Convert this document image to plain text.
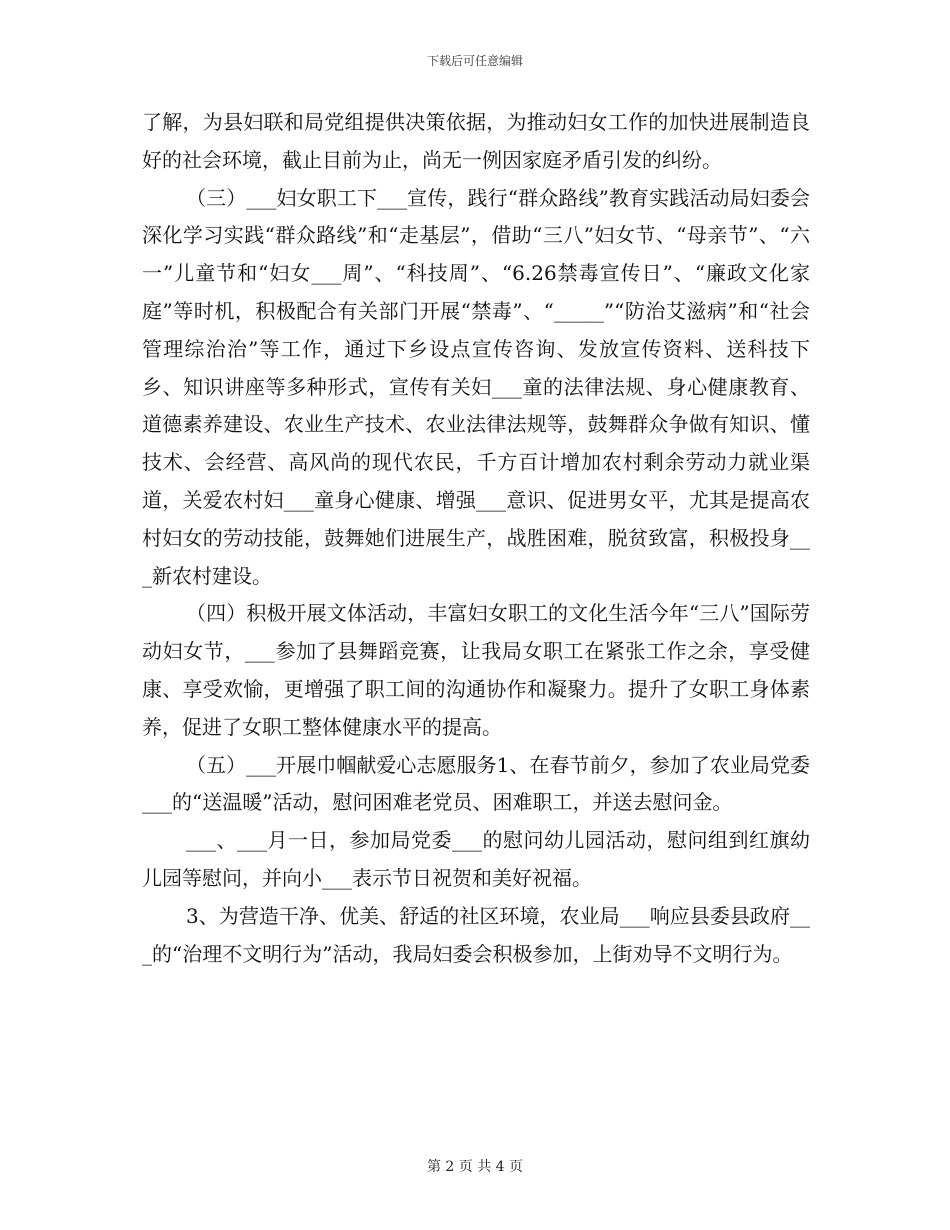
下载后可任意编辑

了解，为县妇联和局党组提供决策依据，为推动妇女工作的加快进展制造良好的社会环境，截止目前为止，尚无一例因家庭矛盾引发的纠纷。

（三）___妇女职工下___宣传，践行“群众路线”教育实践活动局妇委会深化学习实践“群众路线”和“走基层”，借助“三八”妇女节、“母亲节”、“六一”儿童节和“妇女___周”、“科技周”、“6.26禁毒宣传日”、“廉政文化家庭”等时机，积极配合有关部门开展“禁毒”、“_____”“防治艾滋病”和“社会管理综治治”等工作，通过下乡设点宣传咨询、发放宣传资料、送科技下乡、知识讲座等多种形式，宣传有关妇___童的法律法规、身心健康教育、道德素养建设、农业生产技术、农业法律法规等，鼓舞群众争做有知识、懂技术、会经营、高风尚的现代农民，千方百计增加农村剩余劳动力就业渠道，关爱农村妇___童身心健康、增强___意识、促进男女平，尤其是提高农村妇女的劳动技能，鼓舞她们进展生产，战胜困难，脱贫致富，积极投身___新农村建设。

（四）积极开展文体活动，丰富妇女职工的文化生活今年“三八”国际劳动妇女节，___参加了县舞蹈竞赛，让我局女职工在紧张工作之余，享受健康、享受欢愉，更增强了职工间的沟通协作和凝聚力。提升了女职工身体素养，促进了女职工整体健康水平的提高。

（五）___开展巾帼献爱心志愿服务1、在春节前夕，参加了农业局党委___的“送温暖”活动，慰问困难老党员、困难职工，并送去慰问金。

___、___月一日，参加局党委___的慰问幼儿园活动，慰问组到红旗幼儿园等慰问，并向小___表示节日祝贺和美好祝福。

3、为营造干净、优美、舒适的社区环境，农业局___响应县委县政府___的“治理不文明行为”活动，我局妇委会积极参加，上街劝导不文明行为。

第 2 页 共 4 页
